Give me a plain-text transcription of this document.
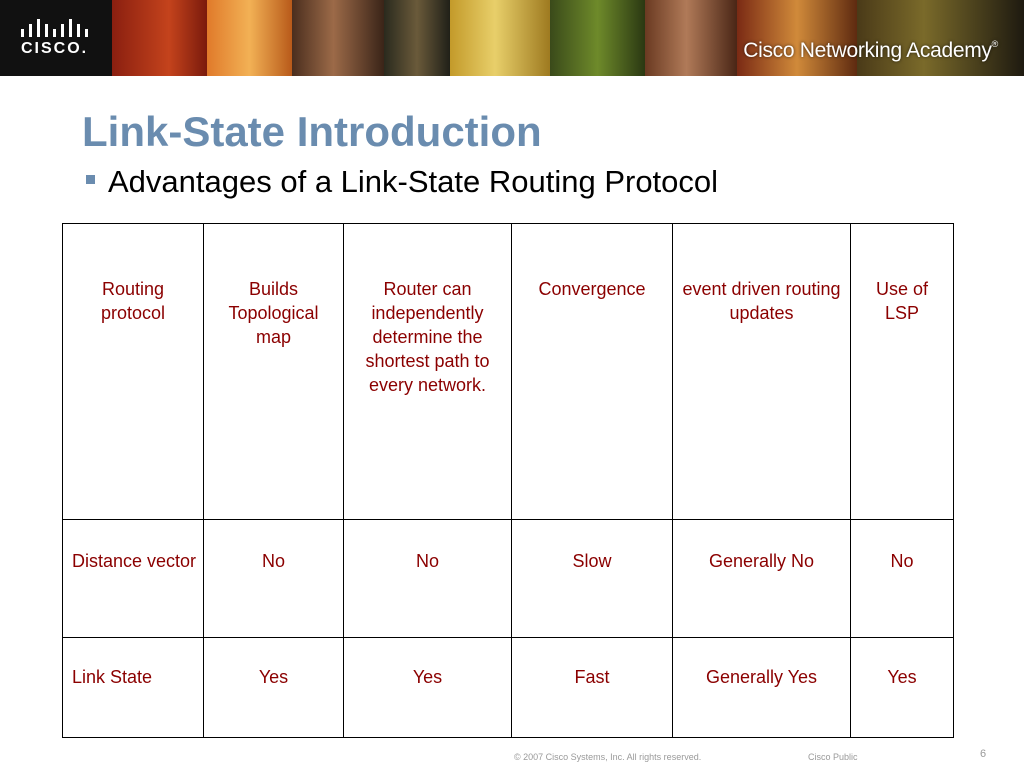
CISCO.	Cisco Networking Academy®
Link-State Introduction
Advantages of a Link-State Routing Protocol
Routing protocol	Builds Topological map	Router can independently determine the shortest path to every network.	Convergence	event driven routing updates	Use of LSP
Distance vector	No	No	Slow	Generally No	No
Link State	Yes	Yes	Fast	Generally Yes	Yes
© 2007 Cisco Systems, Inc. All rights reserved.	Cisco Public	6
